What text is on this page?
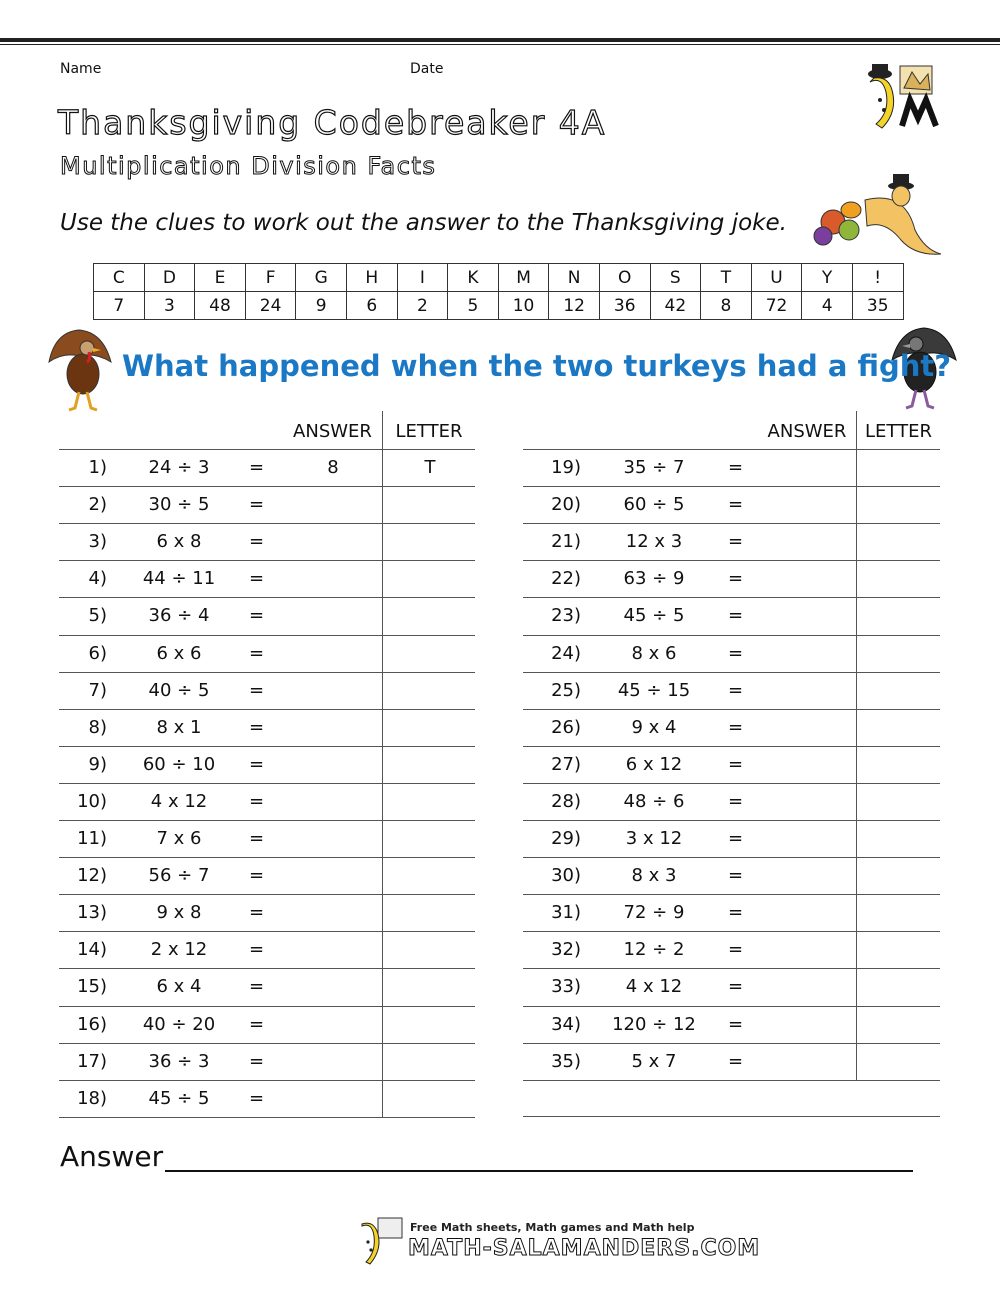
Name	Date
Thanksgiving Codebreaker 4A
Multiplication Division Facts
Use the clues to work out the answer to the Thanksgiving joke.
C	D	E	F	G	H	I	K	M	N	O	S	T	U	Y	!
7	3	48	24	9	6	2	5	10	12	36	42	8	72	4	35
What happened when the two turkeys had a fight?
ANSWER	LETTER	ANSWER	LETTER
1)	24 ÷ 3	=	8	T
2)	30 ÷ 5	=
3)	6 x 8	=
4)	44 ÷ 11	=
5)	36 ÷ 4	=
6)	6 x 6	=
7)	40 ÷ 5	=
8)	8 x 1	=
9)	60 ÷ 10	=
10)	4 x 12	=
11)	7 x 6	=
12)	56 ÷ 7	=
13)	9 x 8	=
14)	2 x 12	=
15)	6 x 4	=
16)	40 ÷ 20	=
17)	36 ÷ 3	=
18)	45 ÷ 5	=
19)	35 ÷ 7	=
20)	60 ÷ 5	=
21)	12 x 3	=
22)	63 ÷ 9	=
23)	45 ÷ 5	=
24)	8 x 6	=
25)	45 ÷ 15	=
26)	9 x 4	=
27)	6 x 12	=
28)	48 ÷ 6	=
29)	3 x 12	=
30)	8 x 3	=
31)	72 ÷ 9	=
32)	12 ÷ 2	=
33)	4 x 12	=
34) 120 ÷ 12	=
35)	5 x 7	=
Answer
Free Math sheets, Math games and Math help
MATH-SALAMANDERS.COM
